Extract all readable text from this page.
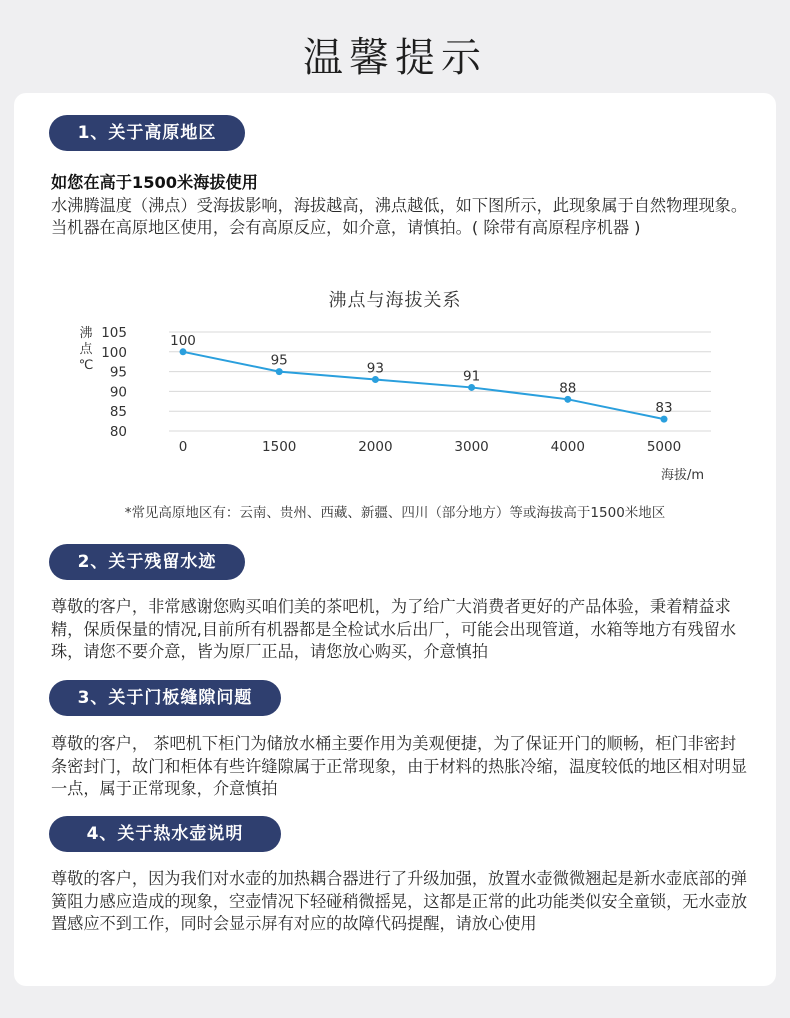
温馨提示
1、关于高原地区
如您在高于1500米海拔使用
水沸腾温度（沸点）受海拔影响，海拔越高，沸点越低，如下图所示，此现象属于自然物理现象。当机器在高原地区使用，会有高原反应，如介意，请慎拍。( 除带有高原程序机器 )
沸点与海拔关系
80
85
90
95
100
105
0	1500	2000	3000	4000	5000
100
95	93	91
88
83
沸点℃
海拔/m
*常见高原地区有：云南、贵州、西藏、新疆、四川（部分地方）等或海拔高于1500米地区
2、关于残留水迹
尊敬的客户，非常感谢您购买咱们美的茶吧机，为了给广大消费者更好的产品体验，秉着精益求精，保质保量的情况,目前所有机器都是全检试水后出厂，可能会出现管道，水箱等地方有残留水珠，请您不要介意，皆为原厂正品，请您放心购买，介意慎拍
3、关于门板缝隙问题
尊敬的客户， 茶吧机下柜门为储放水桶主要作用为美观便捷，为了保证开门的顺畅，柜门非密封条密封门，故门和柜体有些许缝隙属于正常现象，由于材料的热胀冷缩，温度较低的地区相对明显一点，属于正常现象，介意慎拍
4、关于热水壶说明
尊敬的客户，因为我们对水壶的加热耦合器进行了升级加强，放置水壶微微翘起是新水壶底部的弹簧阻力感应造成的现象，空壶情况下轻碰稍微摇晃，这都是正常的此功能类似安全童锁，无水壶放置感应不到工作，同时会显示屏有对应的故障代码提醒，请放心使用
